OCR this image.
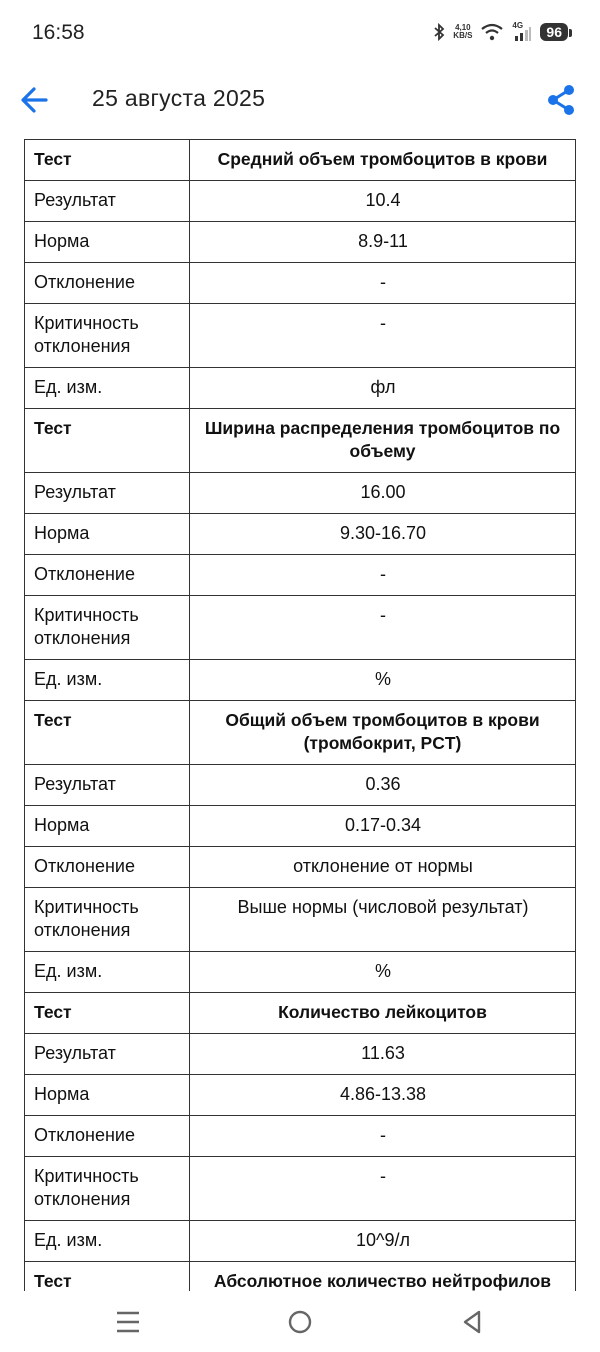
16:58	4,10
KB/S
4G	96
25 августа 2025
Тест	Средний объем тромбоцитов в крови
Результат	10.4
Норма	8.9-11
Отклонение	-
Критичность отклонения	-
Ед. изм.	фл
Тест	Ширина распределения тромбоцитов по объему
Результат	16.00
Норма	9.30-16.70
Отклонение	-
Критичность отклонения	-
Ед. изм.	%
Тест	Общий объем тромбоцитов в крови (тромбокрит, PCT)
Результат	0.36
Норма	0.17-0.34
Отклонение	отклонение от нормы
Критичность отклонения	Выше нормы (числовой результат)
Ед. изм.	%
Тест	Количество лейкоцитов
Результат	11.63
Норма	4.86-13.38
Отклонение	-
Критичность отклонения	-
Ед. изм.	10^9/л
Тест	Абсолютное количество нейтрофилов
